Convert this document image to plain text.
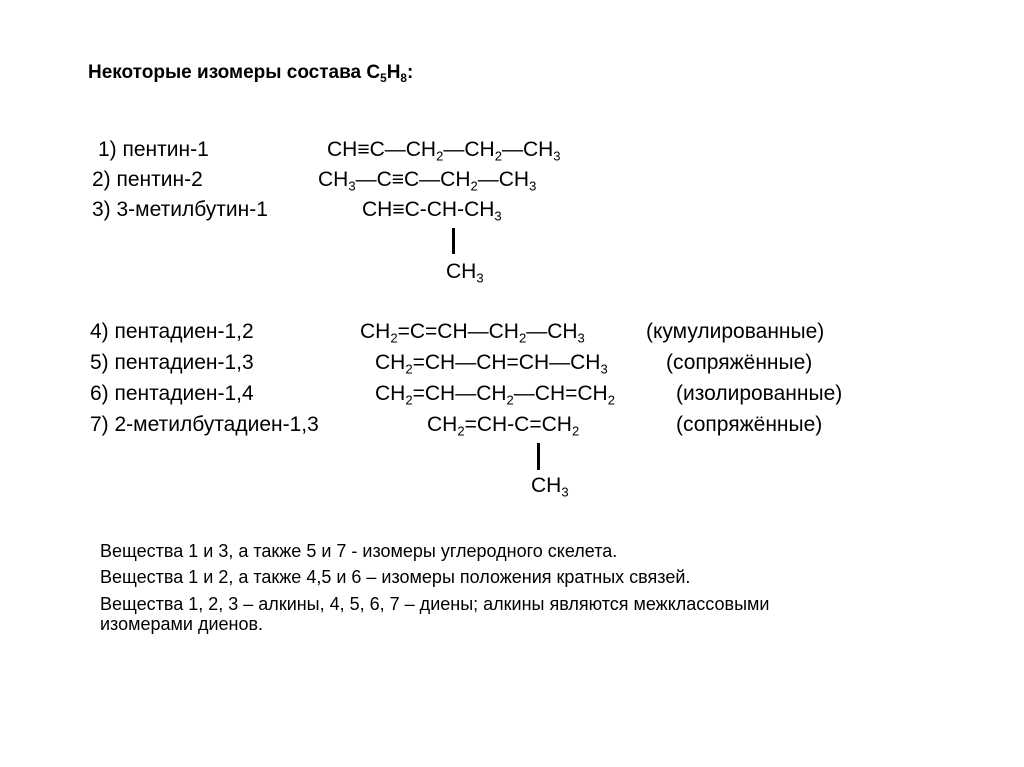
Некоторые изомеры состава $C_5H_8$:
1) пентин-1
2) пентин-2
3) 3-метилбутин-1
4) пентадиен-1,2
5) пентадиен-1,3
6) пентадиен-1,4
7) 2-метилбутадиен-1,3
$CH\equiv C—CH_2—CH_2—CH_3$
$CH_3—C\equiv C—CH_2—CH_3$
$CH\equiv C-CH-CH_3$
$CH_3$
$CH_2=C=CH—CH_2—CH_3$
$CH_2=CH—CH=CH—CH_3$
$CH_2=CH—CH_2—CH=CH_2$
$CH_2=CH-C=CH_2$
$CH_3$
(кумулированные)
(сопряжённые)
(изолированные)
(сопряжённые)
Вещества 1 и 3, а также 5 и 7 - изомеры углеродного скелета.
Вещества 1 и 2, а также 4,5 и 6 – изомеры положения кратных связей.
Вещества 1, 2, 3 – алкины, 4, 5, 6, 7 – диены; алкины являются межклассовыми
изомерами диенов.
